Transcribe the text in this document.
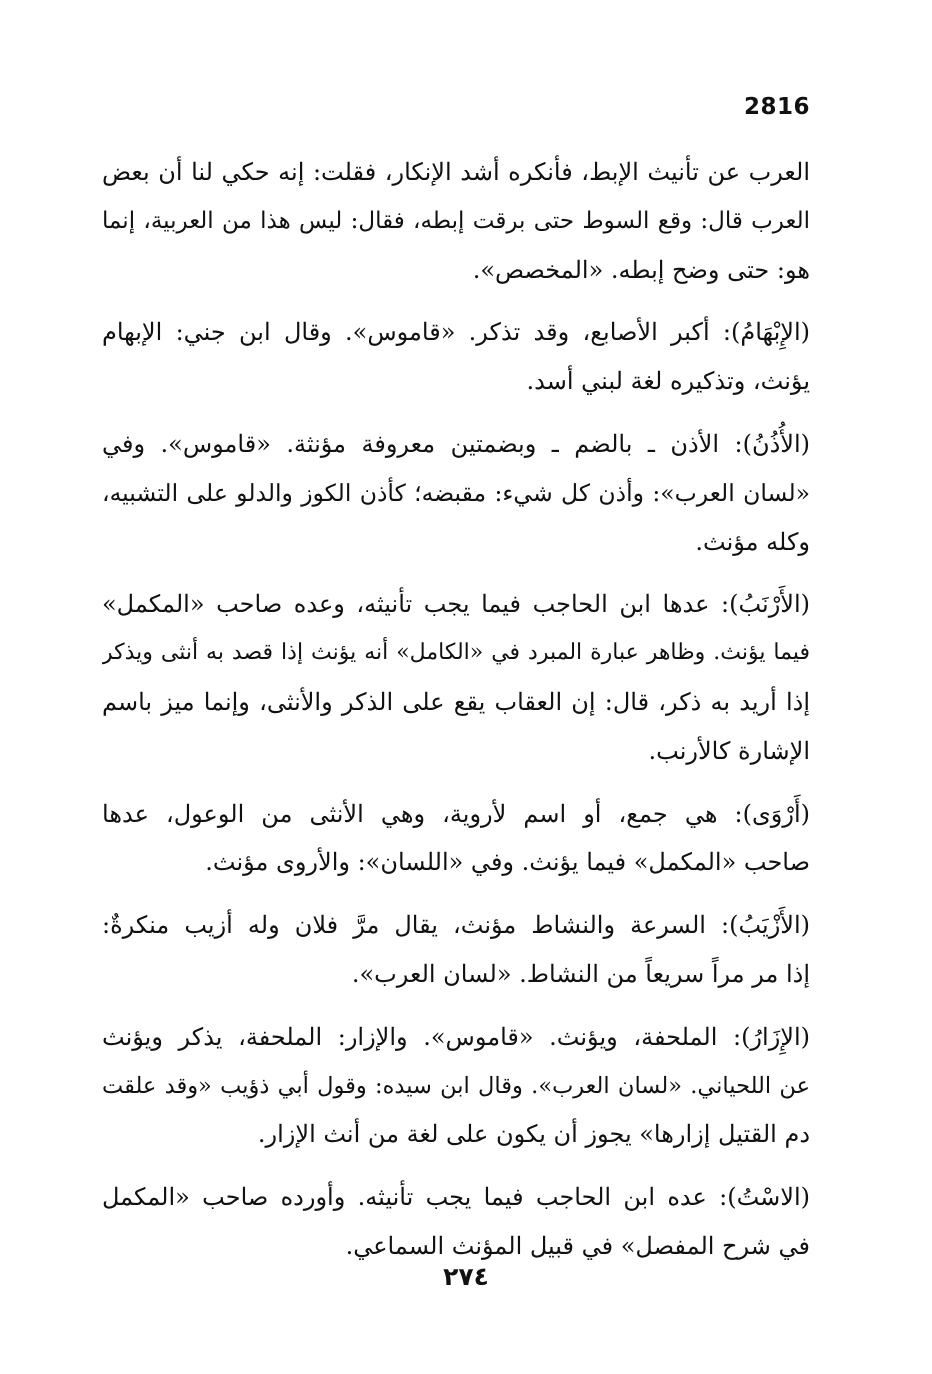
2816

العرب عن تأنيث الإبط، فأنكره أشد الإنكار، فقلت: إنه حكي لنا أن بعض
العرب قال: وقع السوط حتى برقت إبطه، فقال: ليس هذا من العربية، إنما
هو: حتى وضح إبطه. «المخصص».

(الإِبْهَامُ): أكبر الأصابع، وقد تذكر. «قاموس». وقال ابن جني: الإبهام
يؤنث، وتذكيره لغة لبني أسد.

(الأُذُنُ): الأذن ـ بالضم ـ وبضمتين معروفة مؤنثة. «قاموس». وفي
«لسان العرب»: وأذن كل شيء: مقبضه؛ كأذن الكوز والدلو على التشبيه،
وكله مؤنث.

(الأَرْنَبُ): عدها ابن الحاجب فيما يجب تأنيثه، وعده صاحب «المكمل»
فيما يؤنث. وظاهر عبارة المبرد في «الكامل» أنه يؤنث إذا قصد به أنثى ويذكر
إذا أريد به ذكر، قال: إن العقاب يقع على الذكر والأنثى، وإنما ميز باسم
الإشارة كالأرنب.

(أَرْوَى): هي جمع، أو اسم لأروية، وهي الأنثى من الوعول، عدها
صاحب «المكمل» فيما يؤنث. وفي «اللسان»: والأروى مؤنث.

(الأَزْيَبُ): السرعة والنشاط مؤنث، يقال مرَّ فلان وله أزيب منكرةٌ:
إذا مر مراً سريعاً من النشاط. «لسان العرب».

(الإِزَارُ): الملحفة، ويؤنث. «قاموس». والإزار: الملحفة، يذكر ويؤنث
عن اللحياني. «لسان العرب». وقال ابن سيده: وقول أبي ذؤيب «وقد علقت
دم القتيل إزارها» يجوز أن يكون على لغة من أنث الإزار.

(الاسْتُ): عده ابن الحاجب فيما يجب تأنيثه. وأورده صاحب «المكمل
في شرح المفصل» في قبيل المؤنث السماعي.

٢٧٤
